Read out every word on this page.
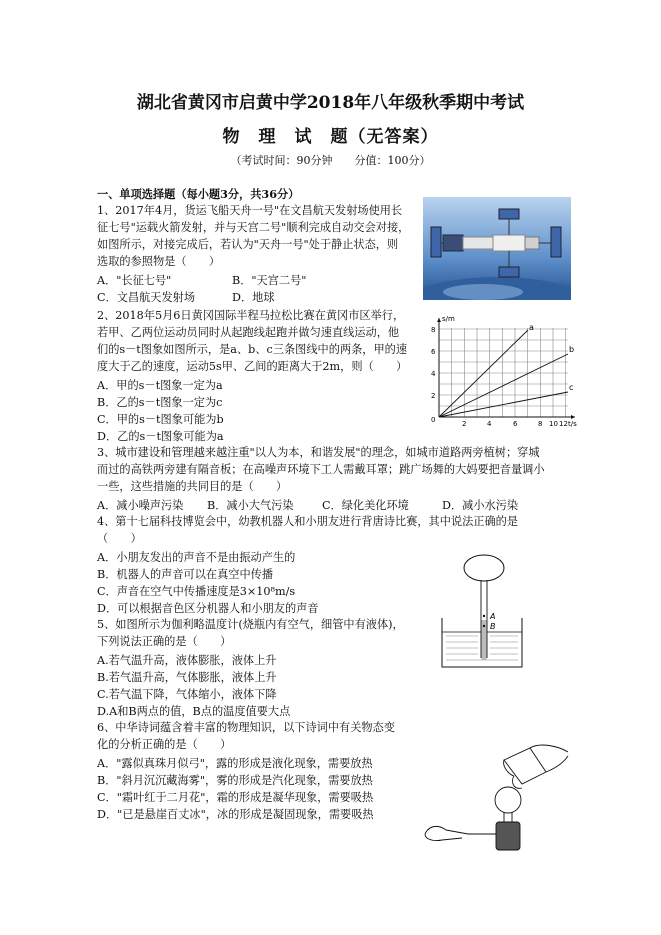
湖北省黄冈市启黄中学2018年八年级秋季期中考试
物　理　试　题（无答案）
（考试时间：90分钟　　分值：100分）
一、单项选择题（每小题3分，共36分）
1、2017年4月，货运飞船天舟一号"在文昌航天发射场使用长
征七号"运载火箭发射，并与天宫二号"顺利完成自动交会对接，
如图所示，对接完成后，若认为"天舟一号"处于静止状态，则
选取的参照物是（　　）
A．"长征七号"	B．"天宫二号"
C．文昌航天发射场	D．地球
2、2018年5月6日黄冈国际半程马拉松比赛在黄冈市区举行，
若甲、乙两位运动员同时从起跑线起跑并做匀速直线运动，他
们的s－t图象如图所示，是a、b、c三条图线中的两条，甲的速
度大于乙的速度，运动5s甲、乙间的距离大于2m，则（　　）
A．甲的s－t图象一定为a
B．乙的s－t图象一定为c
C．甲的s－t图象可能为b
D．乙的s－t图象可能为a
a
b
c
s/m
t/s
8
6
4
2
0	2	4	6	8 10 12
3、城市建设和管理越来越注重"以人为本，和谐发展"的理念，如城市道路两旁植树；穿城
而过的高铁两旁建有隔音板；在高噪声环境下工人需戴耳罩；跳广场舞的大妈要把音量调小
一些，这些措施的共同目的是（　　）
A．减小噪声污染 B．减小大气污染	C．绿化美化环境	D．减小水污染
4、第十七届科技博览会中，幼教机器人和小朋友进行背唐诗比赛，其中说法正确的是
（　　）
A．小朋友发出的声音不是由振动产生的
B．机器人的声音可以在真空中传播
C．声音在空气中传播速度是3×10⁸m/s
D．可以根据音色区分机器人和小朋友的声音
A
B
5、如图所示为伽利略温度计(烧瓶内有空气，细管中有液体)，
下列说法正确的是（　　）
A.若气温升高，液体膨胀，液体上升
B.若气温升高，气体膨胀，液体上升
C.若气温下降，气体缩小，液体下降
D.A和B两点的值，B点的温度值要大点
6、中华诗词蕴含着丰富的物理知识，以下诗词中有关物态变
化的分析正确的是（　　）
A．"露似真珠月似弓"，露的形成是液化现象，需要放热
B．"斜月沉沉藏海雾"，雾的形成是汽化现象，需要放热
C．"霜叶红于二月花"，霜的形成是凝华现象，需要吸热
D．"已是悬崖百丈冰"，冰的形成是凝固现象，需要吸热
